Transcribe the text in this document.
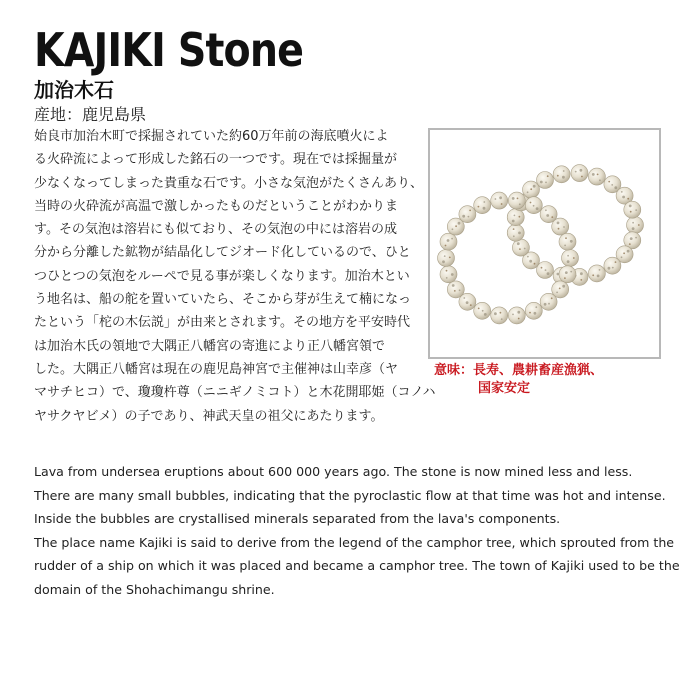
KAJIKI Stone
加治木石
産地：鹿児島県
始良市加治木町で採掘されていた約60万年前の海底噴火によ
る火砕流によって形成した銘石の一つです。現在では採掘量が
少なくなってしまった貴重な石です。小さな気泡がたくさんあり、
当時の火砕流が高温で激しかったものだということがわかりま
す。その気泡は溶岩にも似ており、その気泡の中には溶岩の成
分から分離した鉱物が結晶化してジオード化しているので、ひと
つひとつの気泡をルーペで見る事が楽しくなります。加治木とい
う地名は、船の舵を置いていたら、そこから芽が生えて楠になっ
たという「柁の木伝説」が由来とされます。その地方を平安時代
は加治木氏の領地で大隅正八幡宮の寄進により正八幡宮領で
した。大隅正八幡宮は現在の鹿児島神宮で主催神は山幸彦（ヤ
マサチヒコ）で、瓊瓊杵尊（ニニギノミコト）と木花開耶姫（コノハ
ヤサクヤビメ）の子であり、神武天皇の祖父にあたります。
意味：長寿、農耕畜産漁猟、
国家安定
Lava from undersea eruptions about 600 000 years ago. The stone is now mined less and less.
There are many small bubbles, indicating that the pyroclastic flow at that time was hot and intense.
Inside the bubbles are crystallised minerals separated from the lava's components.
The place name Kajiki is said to derive from the legend of the camphor tree, which sprouted from the
rudder of a ship on which it was placed and became a camphor tree. The town of Kajiki used to be the
domain of the Shohachimangu shrine.
